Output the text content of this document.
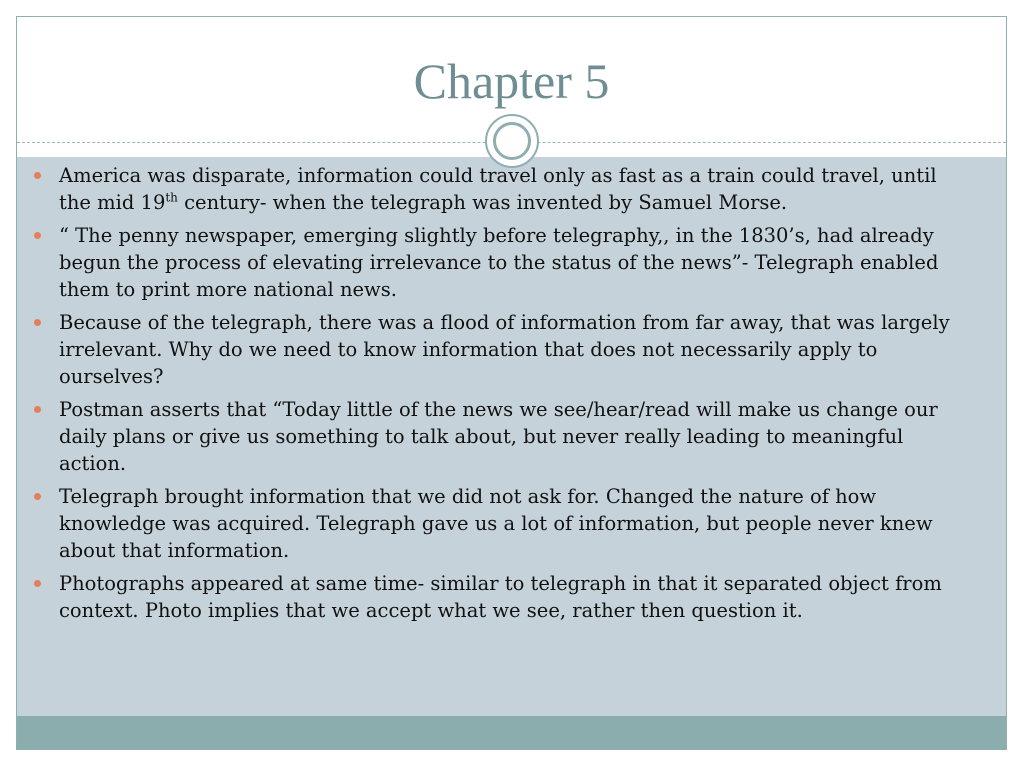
Chapter 5
America was disparate, information could travel only as fast as a train could travel, until the mid 19th century- when the telegraph was invented by Samuel Morse.
“ The penny newspaper, emerging slightly before telegraphy,, in the 1830’s, had already begun the process of elevating irrelevance to the status of the news”- Telegraph enabled them to print more national news.
Because of the telegraph, there was a flood of information from far away, that was largely irrelevant. Why do we need to know information that does not necessarily apply to ourselves?
Postman asserts that “Today little of the news we see/hear/read will make us change our daily plans or give us something to talk about, but never really leading to meaningful action.
Telegraph brought information that we did not ask for. Changed the nature of how knowledge was acquired. Telegraph gave us a lot of information, but people never knew about that information.
Photographs appeared at same time- similar to telegraph in that it separated object from context. Photo implies that we accept what we see, rather then question it.
